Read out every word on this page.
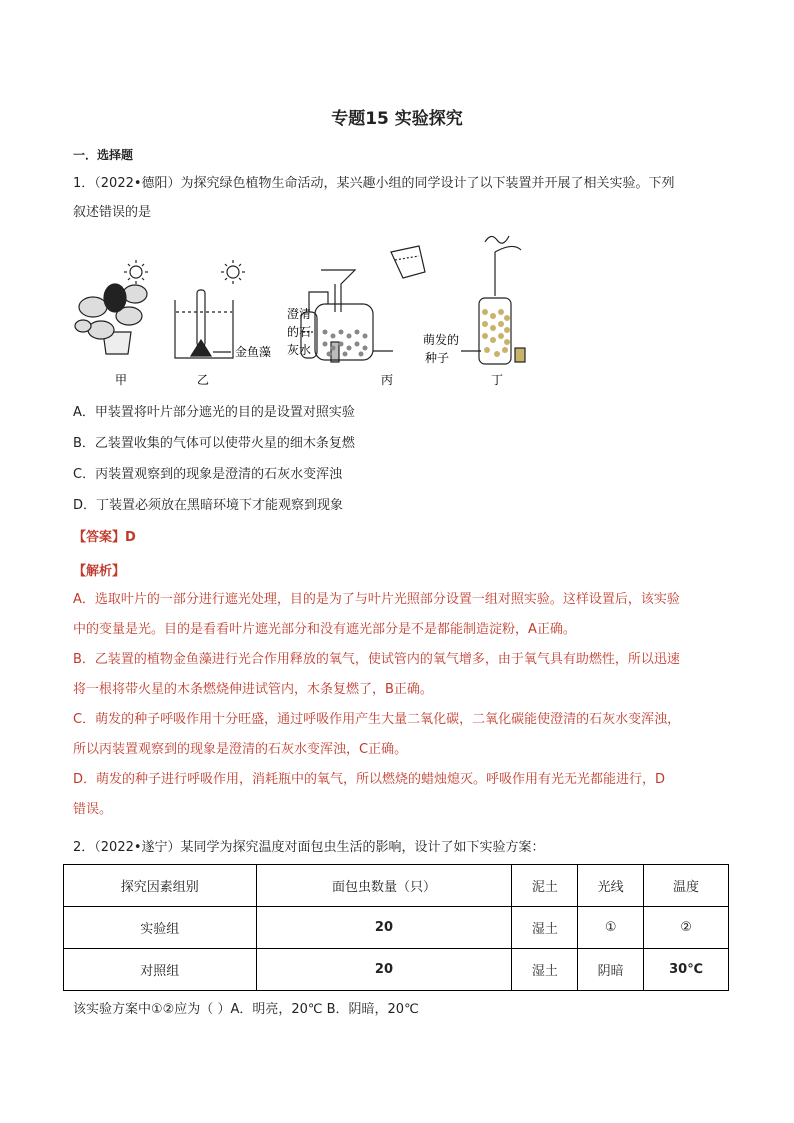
专题15 实验探究
一．选择题
1．（2022•德阳）为探究绿色植物生命活动，某兴趣小组的同学设计了以下装置并开展了相关实验。下列
叙述错误的是
甲	乙
金鱼藻
澄清
的石
灰水
丙
萌发的
种子
丁
A．甲装置将叶片部分遮光的目的是设置对照实验
B．乙装置收集的气体可以使带火星的细木条复燃
C．丙装置观察到的现象是澄清的石灰水变浑浊
D．丁装置必须放在黑暗环境下才能观察到现象
【答案】D
【解析】
A．选取叶片的一部分进行遮光处理，目的是为了与叶片光照部分设置一组对照实验。这样设置后，该实验
中的变量是光。目的是看看叶片遮光部分和没有遮光部分是不是都能制造淀粉，A正确。
B．乙装置的植物金鱼藻进行光合作用释放的氧气，使试管内的氧气增多，由于氧气具有助燃性，所以迅速
将一根将带火星的木条燃烧伸进试管内，木条复燃了，B正确。
C．萌发的种子呼吸作用十分旺盛，通过呼吸作用产生大量二氧化碳，二氧化碳能使澄清的石灰水变浑浊，
所以丙装置观察到的现象是澄清的石灰水变浑浊，C正确。
D．萌发的种子进行呼吸作用，消耗瓶中的氧气，所以燃烧的蜡烛熄灭。呼吸作用有光无光都能进行，D
错误。
2．（2022•遂宁）某同学为探究温度对面包虫生活的影响，设计了如下实验方案：
探究因素组别	面包虫数量（只）	泥土	光线	温度
实验组	20	湿土	①	②
对照组	20	湿土	阴暗	30℃
该实验方案中①②应为（ ）A．明亮，20℃ B．阴暗，20℃
